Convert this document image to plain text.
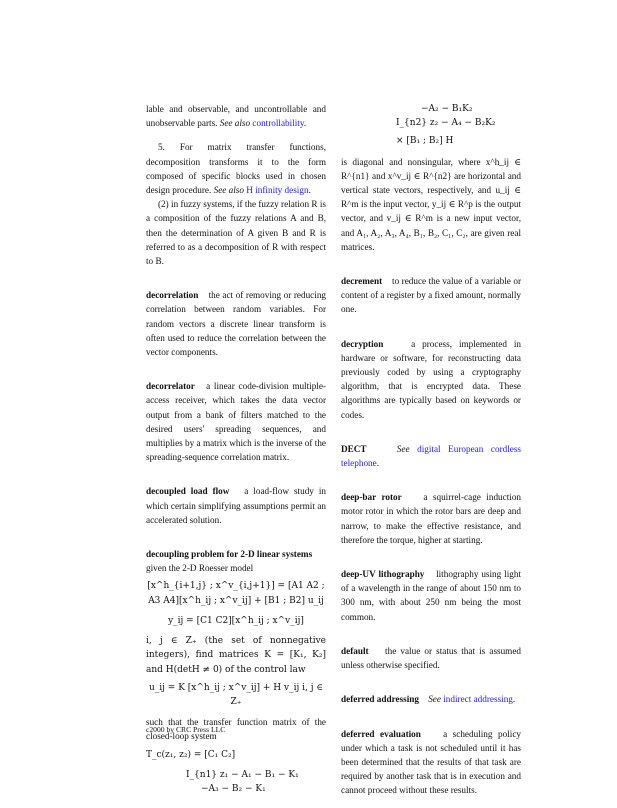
lable and observable, and uncontrollable and unobservable parts. See also controllability.

5. For matrix transfer functions, decomposition transforms it to the form composed of specific blocks used in chosen design procedure. See also H infinity design.

(2) in fuzzy systems, if the fuzzy relation R is a composition of the fuzzy relations A and B, then the determination of A given B and R is referred to as a decomposition of R with respect to B.

decorrelation the act of removing or reducing correlation between random variables. For random vectors a discrete linear transform is often used to reduce the correlation between the vector components.

decorrelator a linear code-division multiple-access receiver, which takes the data vector output from a bank of filters matched to the desired users' spreading sequences, and multiplies by a matrix which is the inverse of the spreading-sequence correlation matrix.

decoupled load flow a load-flow study in which certain simplifying assumptions permit an accelerated solution.

decoupling problem for 2-D linear systems
given the 2-D Roesser model

[x^h_{i+1,j} ; x^v_{i,j+1}] = [A1 A2 ; A3 A4][x^h_ij ; x^v_ij] + [B1 ; B2] u_ij
y_ij = [C1 C2][x^h_ij ; x^v_ij]

i, j ∈ Z₊ (the set of nonnegative integers), find matrices K = [K₁, K₂] and H(detH ≠ 0) of the control law

u_ij = K [x^h_ij ; x^v_ij] + H v_ij i, j ∈ Z₊

such that the transfer function matrix of the closed-loop system

T_c(z₁, z₂) = [C₁ C₂]
I_{n1} z₁ − A₁ − B₁ − K₁
−A₃ − B₂ − K₁
−A₂ − B₁K₂
I_{n2} z₂ − A₄ − B₂K₂
× [B₁ ; B₂] H

is diagonal and nonsingular, where x^h_ij ∈ R^{n1} and x^v_ij ∈ R^{n2} are horizontal and vertical state vectors, respectively, and u_ij ∈ R^m is the input vector, y_ij ∈ R^p is the output vector, and v_ij ∈ R^m is a new input vector, and A₁, A₂, A₃, A₄, B₁, B₂, C₁, C₂, are given real matrices.

decrement to reduce the value of a variable or content of a register by a fixed amount, normally one.

decryption	a process, implemented in hardware or software, for reconstructing data previously coded by using a cryptography algorithm, that is encrypted data. These algorithms are typically based on keywords or codes.

DECT	See digital European cordless telephone.

deep-bar rotor a squirrel-cage induction motor rotor in which the rotor bars are deep and narrow, to make the effective resistance, and therefore the torque, higher at starting.

deep-UV lithography lithography using light of a wavelength in the range of about 150 nm to 300 nm, with about 250 nm being the most common.

default the value or status that is assumed unless otherwise specified.

deferred addressing See indirect addressing.

deferred evaluation a scheduling policy under which a task is not scheduled until it has been determined that the results of that task are required by another task that is in execution and cannot proceed without these results.

c2000 by CRC Press LLC
